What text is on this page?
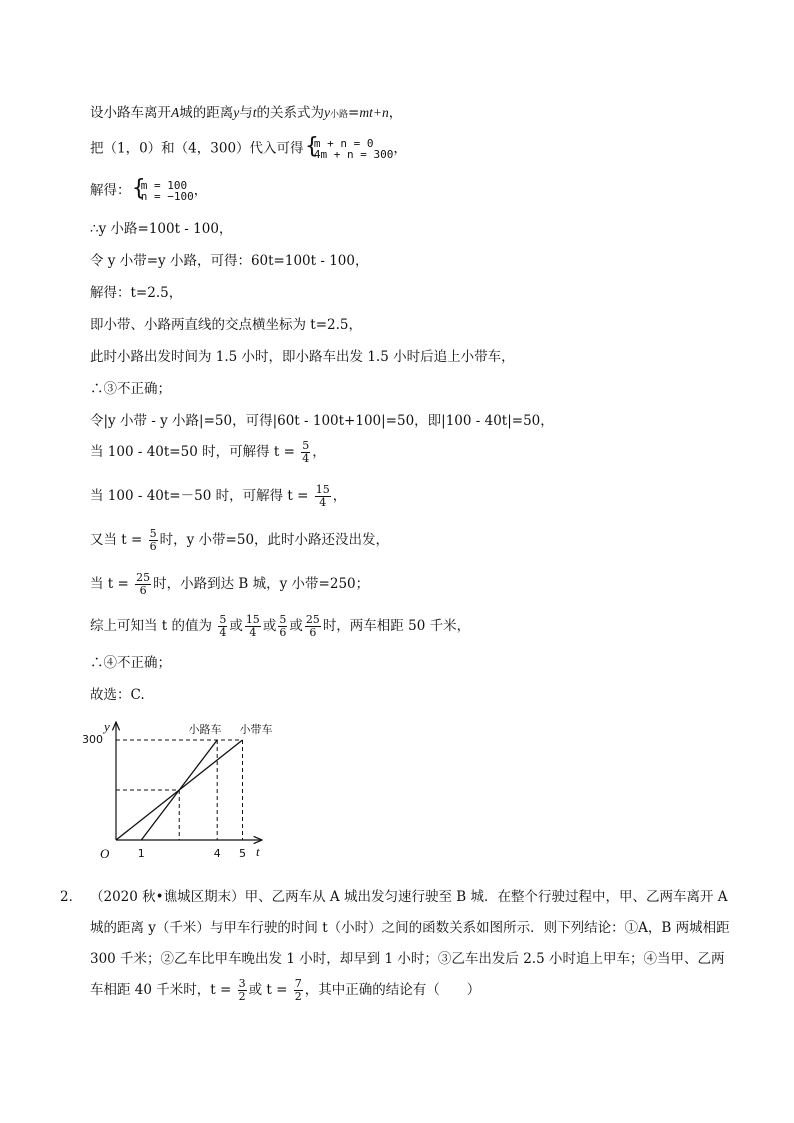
设小路车离开A城的距离y与t的关系式为y小路=mt+n，
把（1，0）和（4，300）代入可得 { m + n = 0
4m + n = 300 ，
解得： { m = 100
n = −100 ，
∴y 小路=100t - 100，
令 y 小带=y 小路，可得：60t=100t - 100，
解得：t=2.5，
即小带、小路两直线的交点横坐标为 t=2.5，
此时小路出发时间为 1.5 小时，即小路车出发 1.5 小时后追上小带车，
∴③不正确；
令|y 小带 - y 小路|=50，可得|60t - 100t+100|=50，即|100 - 40t|=50，
当 100 - 40t=50 时，可解得 $t = \frac{5}{4}$ ，
当 100 - 40t=－50 时，可解得 $t = \frac{15}{4}$ ，
又当 $t = \frac{5}{6}$ 时，y 小带=50，此时小路还没出发，
当 $t = \frac{25}{6}$ 时，小路到达 B 城，y 小带=250；
综上可知当 t 的值为 $\frac{5}{4}$ 或 $\frac{15}{4}$ 或 $\frac{5}{6}$ 或 $\frac{25}{6}$ 时，两车相距 50 千米，
∴④不正确；
故选：C.
300
1	4 5
O
y
t
小路车 小带车
2． （2020 秋•谯城区期末）甲、乙两车从 A 城出发匀速行驶至 B 城．在整个行驶过程中，甲、乙两车离开 A 城的距离 y（千米）与甲车行驶的时间 t（小时）之间的函数关系如图所示．则下列结论：①A，B 两城相距 300 千米；②乙车比甲车晚出发 1 小时，却早到 1 小时；③乙车出发后 2.5 小时追上甲车；④当甲、乙两车相距 40 千米时，$t = \frac{3}{2}$ 或 $t = \frac{7}{2}$ ，其中正确的结论有（　　）
